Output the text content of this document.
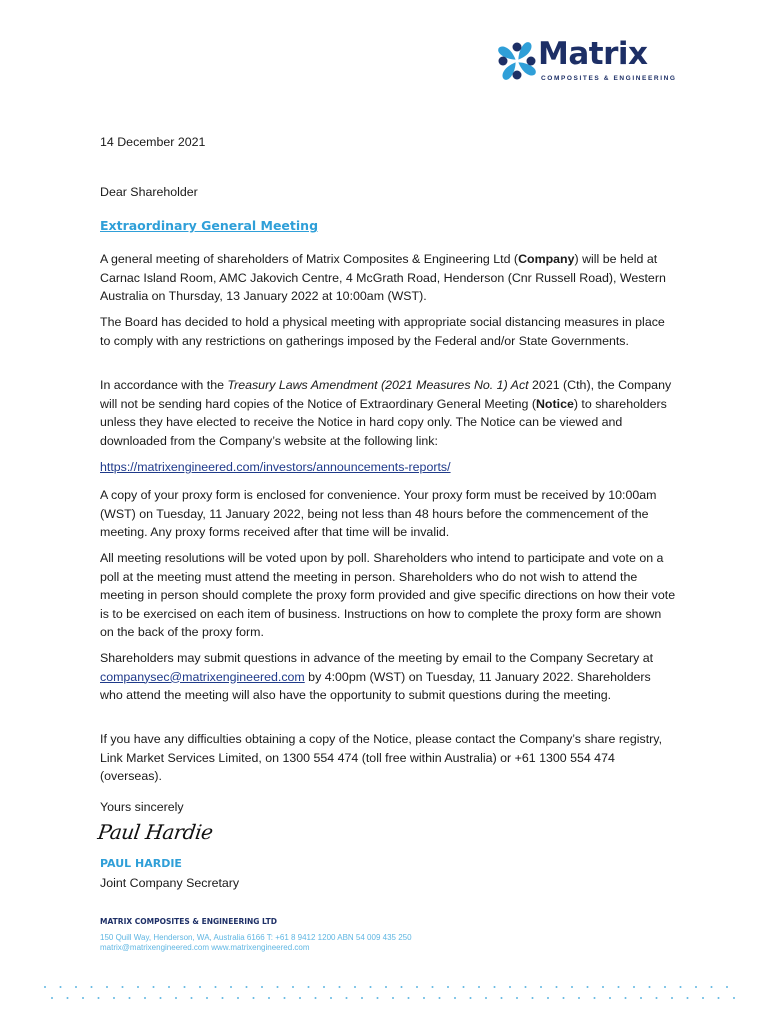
Matrix
COMPOSITES & ENGINEERING
14 December 2021
Dear Shareholder
Extraordinary General Meeting

A general meeting of shareholders of Matrix Composites & Engineering Ltd (Company) will be held at Carnac Island Room, AMC Jakovich Centre, 4 McGrath Road, Henderson (Cnr Russell Road), Western Australia on Thursday, 13 January 2022 at 10:00am (WST).

The Board has decided to hold a physical meeting with appropriate social distancing measures in place to comply with any restrictions on gatherings imposed by the Federal and/or State Governments.

In accordance with the Treasury Laws Amendment (2021 Measures No. 1) Act 2021 (Cth), the Company will not be sending hard copies of the Notice of Extraordinary General Meeting (Notice) to shareholders unless they have elected to receive the Notice in hard copy only. The Notice can be viewed and downloaded from the Company’s website at the following link:

https://matrixengineered.com/investors/announcements-reports/

A copy of your proxy form is enclosed for convenience. Your proxy form must be received by 10:00am (WST) on Tuesday, 11 January 2022, being not less than 48 hours before the commencement of the meeting. Any proxy forms received after that time will be invalid.

All meeting resolutions will be voted upon by poll. Shareholders who intend to participate and vote on a poll at the meeting must attend the meeting in person. Shareholders who do not wish to attend the meeting in person should complete the proxy form provided and give specific directions on how their vote is to be exercised on each item of business. Instructions on how to complete the proxy form are shown on the back of the proxy form.

Shareholders may submit questions in advance of the meeting by email to the Company Secretary at companysec@matrixengineered.com by 4:00pm (WST) on Tuesday, 11 January 2022. Shareholders who attend the meeting will also have the opportunity to submit questions during the meeting.

If you have any difficulties obtaining a copy of the Notice, please contact the Company’s share registry, Link Market Services Limited, on 1300 554 474 (toll free within Australia) or +61 1300 554 474 (overseas).

Yours sincerely

Paul Hardie
PAUL HARDIE
Joint Company Secretary
MATRIX COMPOSITES & ENGINEERING LTD
150 Quill Way, Henderson, WA, Australia 6166 T: +61 8 9412 1200 ABN 54 009 435 250
matrix@matrixengineered.com www.matrixengineered.com
